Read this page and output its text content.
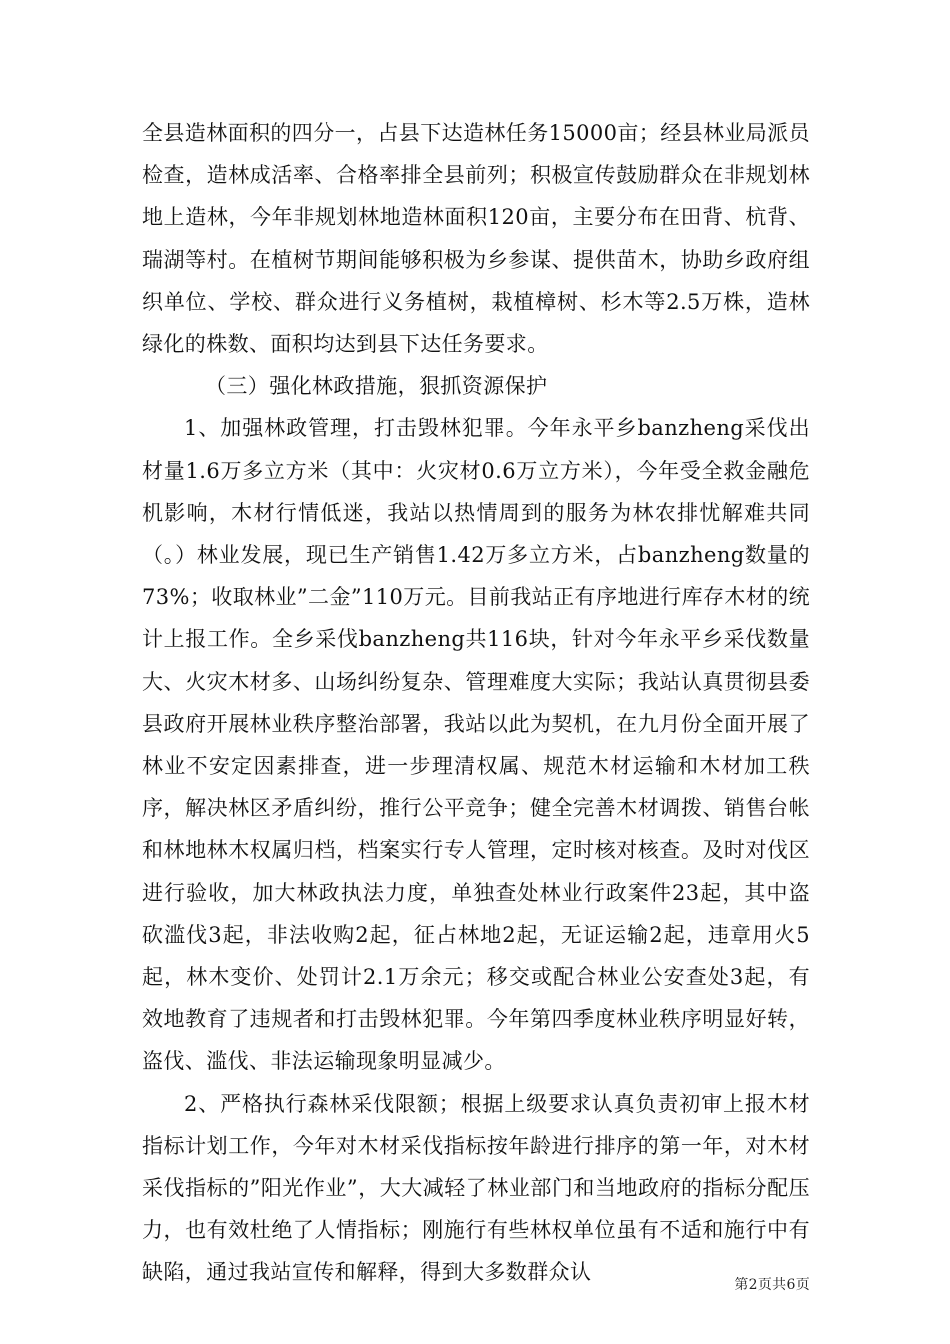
全县造林面积的四分一，占县下达造林任务15000亩；经县林业局派员检查，造林成活率、合格率排全县前列；积极宣传鼓励群众在非规划林地上造林，今年非规划林地造林面积120亩，主要分布在田背、杭背、瑞湖等村。在植树节期间能够积极为乡参谋、提供苗木，协助乡政府组织单位、学校、群众进行义务植树，栽植樟树、杉木等2.5万株，造林绿化的株数、面积均达到县下达任务要求。

（三）强化林政措施，狠抓资源保护

1、加强林政管理，打击毁林犯罪。今年永平乡banzheng采伐出材量1.6万多立方米（其中：火灾材0.6万立方米），今年受全救金融危机影响，木材行情低迷，我站以热情周到的服务为林农排忧解难共同（。）林业发展，现已生产销售1.42万多立方米，占banzheng数量的73%；收取林业”二金”110万元。目前我站正有序地进行库存木材的统计上报工作。全乡采伐banzheng共116块，针对今年永平乡采伐数量大、火灾木材多、山场纠纷复杂、管理难度大实际；我站认真贯彻县委县政府开展林业秩序整治部署，我站以此为契机，在九月份全面开展了林业不安定因素排查，进一步理清权属、规范木材运输和木材加工秩序，解决林区矛盾纠纷，推行公平竞争；健全完善木材调拨、销售台帐和林地林木权属归档，档案实行专人管理，定时核对核查。及时对伐区进行验收，加大林政执法力度，单独查处林业行政案件23起，其中盗砍滥伐3起，非法收购2起，征占林地2起，无证运输2起，违章用火5起，林木变价、处罚计2.1万余元；移交或配合林业公安查处3起，有效地教育了违规者和打击毁林犯罪。今年第四季度林业秩序明显好转，盗伐、滥伐、非法运输现象明显减少。

2、严格执行森林采伐限额；根据上级要求认真负责初审上报木材指标计划工作，今年对木材采伐指标按年龄进行排序的第一年，对木材采伐指标的”阳光作业”，大大减轻了林业部门和当地政府的指标分配压力，也有效杜绝了人情指标；刚施行有些林权单位虽有不适和施行中有缺陷，通过我站宣传和解释，得到大多数群众认

第2页共6页
